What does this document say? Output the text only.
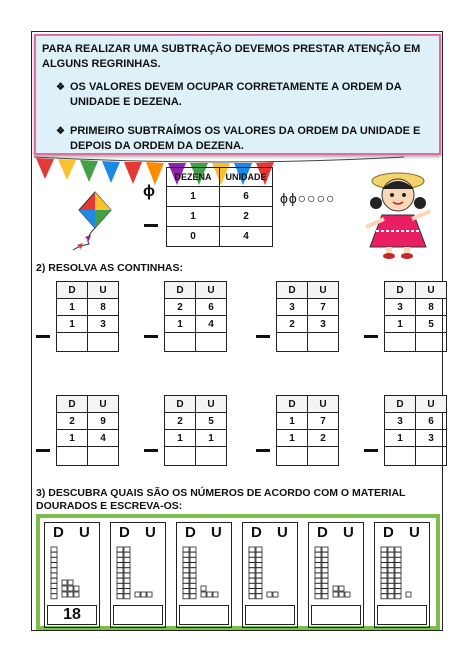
PARA REALIZAR UMA SUBTRAÇÃO DEVEMOS PRESTAR ATENÇÃO EM ALGUNS REGRINHAS.
❖ OS VALORES DEVEM OCUPAR CORRETAMENTE A ORDEM DA UNIDADE E DEZENA.
❖ PRIMEIRO SUBTRAÍMOS OS VALORES DA ORDEM DA UNIDADE E DEPOIS DA ORDEM DA DEZENA.
ϕ
DEZENA	UNIDADE
1	6
1	2
0	4
ϕϕ○○○○
2) RESOLVA AS CONTINHAS:
D	U
1	8
1	3

D	U
2	6
1	4

D	U
3	7
2	3

D	U
3	8
1	5

D	U
2	9
1	4

D	U
2	5
1	1

D	U
1	7
1	2

D	U
3	6
1	3

3) DESCUBRA QUAIS SÃO OS NÚMEROS DE ACORDO COM O MATERIAL DOURADOS E ESCREVA-OS:
D U
18
D U D U D U D U D U
